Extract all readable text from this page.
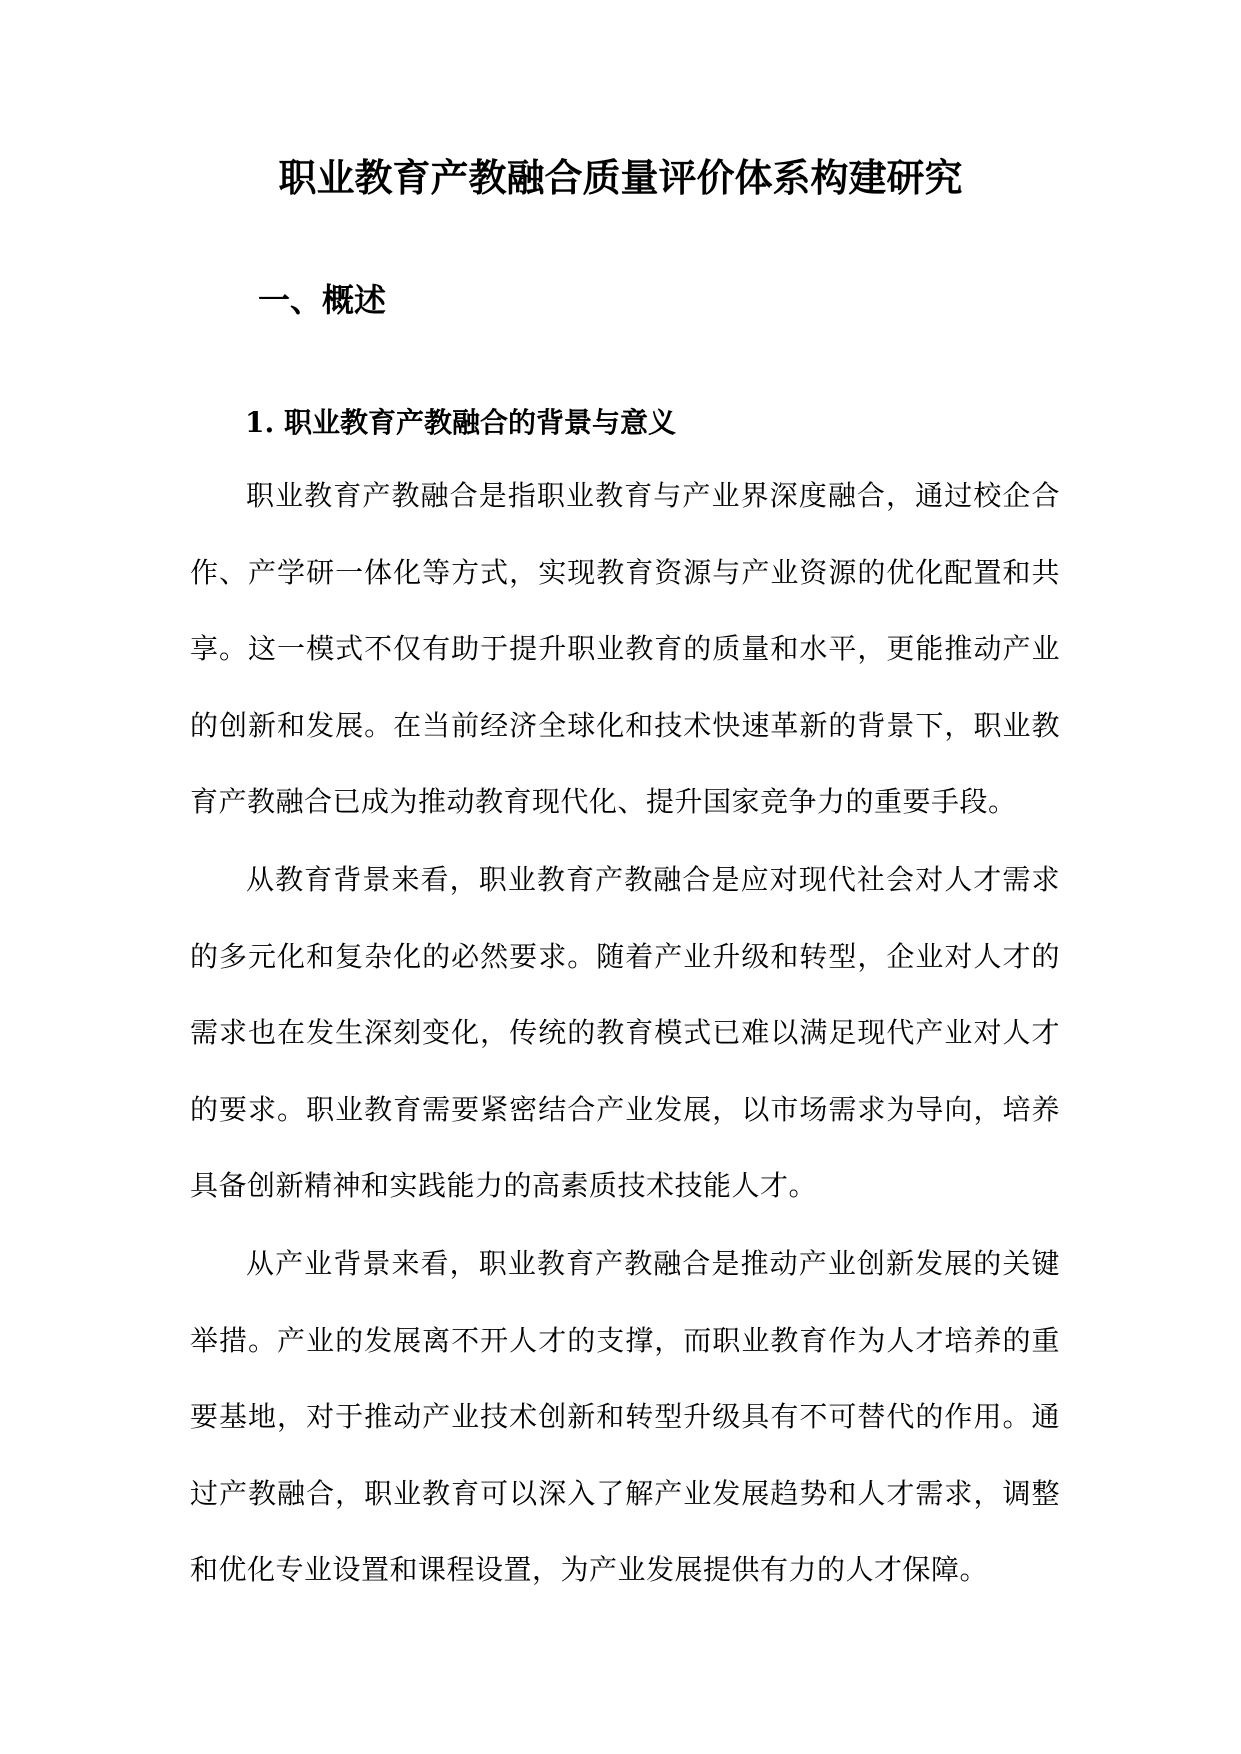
职业教育产教融合质量评价体系构建研究
一、概述
1. 职业教育产教融合的背景与意义

职业教育产教融合是指职业教育与产业界深度融合，通过校企合作、产学研一体化等方式，实现教育资源与产业资源的优化配置和共享。这一模式不仅有助于提升职业教育的质量和水平，更能推动产业的创新和发展。在当前经济全球化和技术快速革新的背景下，职业教育产教融合已成为推动教育现代化、提升国家竞争力的重要手段。

从教育背景来看，职业教育产教融合是应对现代社会对人才需求的多元化和复杂化的必然要求。随着产业升级和转型，企业对人才的需求也在发生深刻变化，传统的教育模式已难以满足现代产业对人才的要求。职业教育需要紧密结合产业发展，以市场需求为导向，培养具备创新精神和实践能力的高素质技术技能人才。

从产业背景来看，职业教育产教融合是推动产业创新发展的关键举措。产业的发展离不开人才的支撑，而职业教育作为人才培养的重要基地，对于推动产业技术创新和转型升级具有不可替代的作用。通过产教融合，职业教育可以深入了解产业发展趋势和人才需求，调整和优化专业设置和课程设置，为产业发展提供有力的人才保障。
